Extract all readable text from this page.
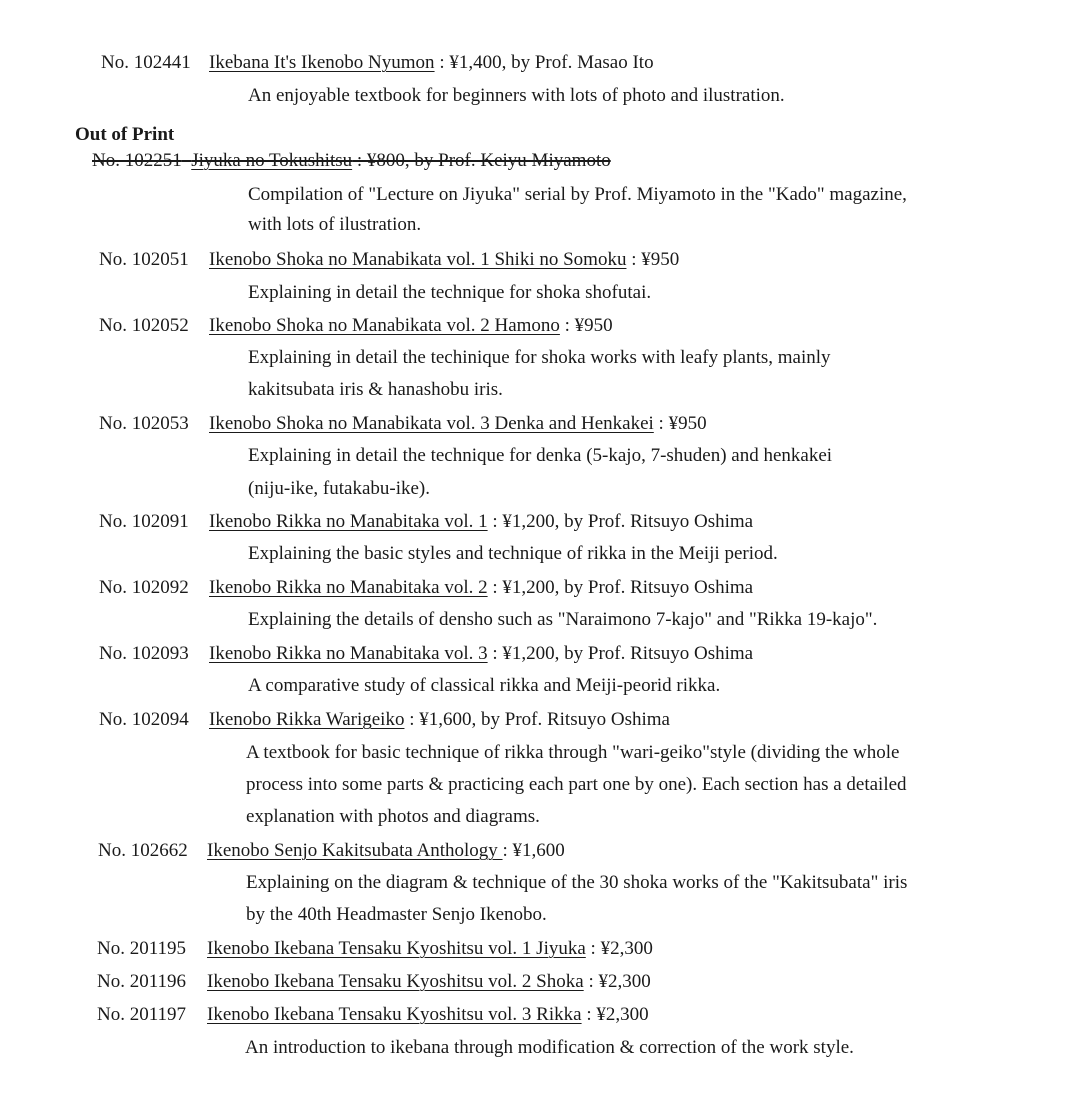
No. 102441 Ikebana It's Ikenobo Nyumon : ¥1,400, by Prof. Masao Ito
An enjoyable textbook for beginners with lots of photo and ilustration.
Out of Print
No. 102251 Jiyuka no Tokushitsu : ¥800, by Prof. Keiyu Miyamoto
Compilation of "Lecture on Jiyuka" serial by Prof. Miyamoto in the "Kado" magazine,
with lots of ilustration.
No. 102051 Ikenobo Shoka no Manabikata vol. 1 Shiki no Somoku : ¥950
Explaining in detail the technique for shoka shofutai.
No. 102052 Ikenobo Shoka no Manabikata vol. 2 Hamono : ¥950
Explaining in detail the techinique for shoka works with leafy plants, mainly
kakitsubata iris & hanashobu iris.
No. 102053 Ikenobo Shoka no Manabikata vol. 3 Denka and Henkakei : ¥950
Explaining in detail the technique for denka (5-kajo, 7-shuden) and henkakei
(niju-ike, futakabu-ike).
No. 102091 Ikenobo Rikka no Manabitaka vol. 1 : ¥1,200, by Prof. Ritsuyo Oshima
Explaining the basic styles and technique of rikka in the Meiji period.
No. 102092 Ikenobo Rikka no Manabitaka vol. 2 : ¥1,200, by Prof. Ritsuyo Oshima
Explaining the details of densho such as "Naraimono 7-kajo" and "Rikka 19-kajo".
No. 102093 Ikenobo Rikka no Manabitaka vol. 3 : ¥1,200, by Prof. Ritsuyo Oshima
A comparative study of classical rikka and Meiji-peorid rikka.
No. 102094 Ikenobo Rikka Warigeiko : ¥1,600, by Prof. Ritsuyo Oshima
A textbook for basic technique of rikka through "wari-geiko"style (dividing the whole
process into some parts & practicing each part one by one). Each section has a detailed
explanation with photos and diagrams.
No. 102662 Ikenobo Senjo Kakitsubata Anthology : ¥1,600
Explaining on the diagram & technique of the 30 shoka works of the "Kakitsubata" iris
by the 40th Headmaster Senjo Ikenobo.
No. 201195 Ikenobo Ikebana Tensaku Kyoshitsu vol. 1 Jiyuka : ¥2,300
No. 201196 Ikenobo Ikebana Tensaku Kyoshitsu vol. 2 Shoka : ¥2,300
No. 201197 Ikenobo Ikebana Tensaku Kyoshitsu vol. 3 Rikka : ¥2,300
An introduction to ikebana through modification & correction of the work style.
